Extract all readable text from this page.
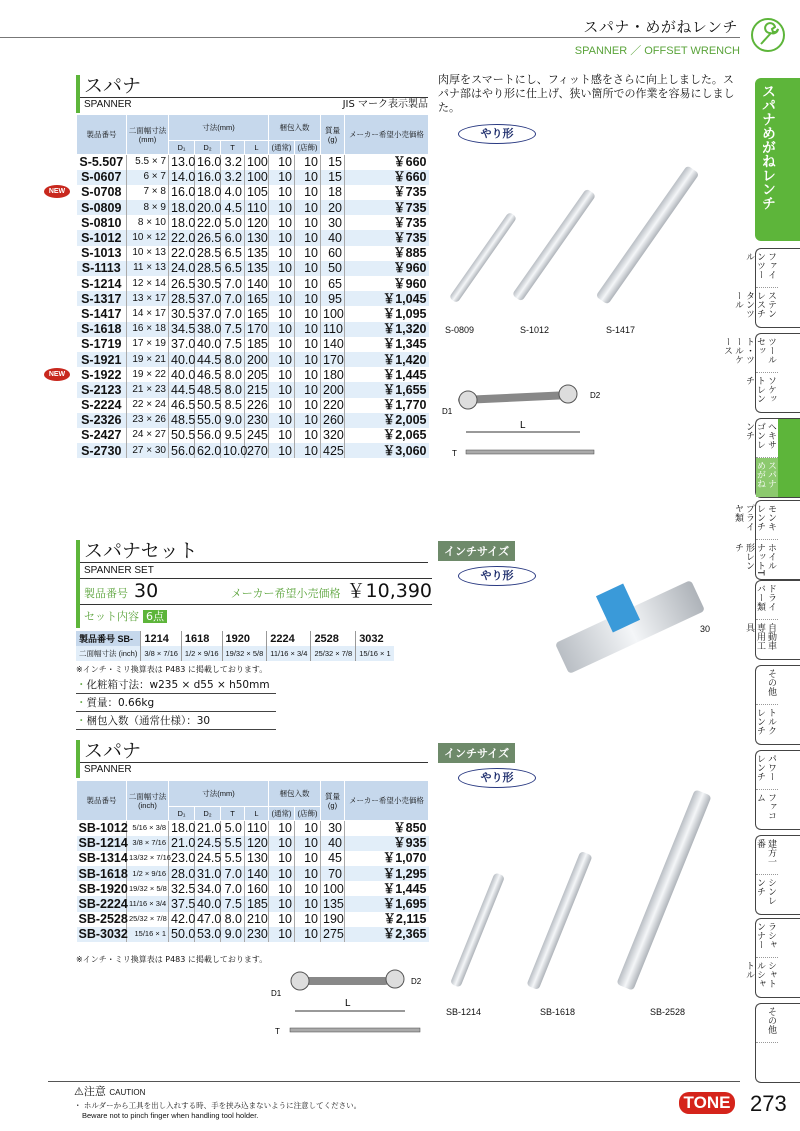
スパナ・めがねレンチ
SPANNER ／ OFFSET WRENCH
スパナめがねレンチ
ファインツール
ステンレスチタンツール
ツールセット・ツールケース
ソケットレンチ
ヘキサゴンレンチ
スパナめがねレンチ
モンキレンチプライヤ類
ホイルナットT形レンチ
ドライバー類
自動車専用工具
その他
トルクレンチ
パワーレンチ
ファコム
建方一番
シンレンチ
ラシャンナー
シャトルシャトル
その他
スパナ
SPANNER	JIS マーク表示製品
製品番号	二面幅寸法(mm)	寸法(mm)				梱包入数		質量(g)	メーカー希望小売価格
		D₁	D₂	T	L	(通常)	(店飾)		
S-5.507	5.5 × 7	13.0	16.0	3.2	100	10	10	15	￥660
S-0607	6 × 7	14.0	16.0	3.2	100	10	10	15	￥660
S-0708	7 × 8	16.0	18.0	4.0	105	10	10	18	￥735
S-0809	8 × 9	18.0	20.0	4.5	110	10	10	20	￥735
S-0810	8 × 10	18.0	22.0	5.0	120	10	10	30	￥735
S-1012	10 × 12	22.0	26.5	6.0	130	10	10	40	￥735
S-1013	10 × 13	22.0	28.5	6.5	135	10	10	60	￥885
S-1113	11 × 13	24.0	28.5	6.5	135	10	10	50	￥960
S-1214	12 × 14	26.5	30.5	7.0	140	10	10	65	￥960
S-1317	13 × 17	28.5	37.0	7.0	165	10	10	95	￥1,045
S-1417	14 × 17	30.5	37.0	7.0	165	10	10	100	￥1,095
S-1618	16 × 18	34.5	38.0	7.5	170	10	10	110	￥1,320
S-1719	17 × 19	37.0	40.0	7.5	185	10	10	140	￥1,345
S-1921	19 × 21	40.0	44.5	8.0	200	10	10	170	￥1,420
S-1922	19 × 22	40.0	46.5	8.0	205	10	10	180	￥1,445
S-2123	21 × 23	44.5	48.5	8.0	215	10	10	200	￥1,655
S-2224	22 × 24	46.5	50.5	8.5	226	10	10	220	￥1,770
S-2326	23 × 26	48.5	55.0	9.0	230	10	10	260	￥2,005
S-2427	24 × 27	50.5	56.0	9.5	245	10	10	320	￥2,065
S-2730	27 × 30	56.0	62.0	10.0	270	10	10	425	￥3,060
肉厚をスマートにし、フィット感をさらに向上しました。スパナ部はやり形に仕上げ、狭い箇所での作業を容易にしました。
やり形
S-0809	S-1012	S-1417
L
D1
D2
T
スパナセット
SPANNER SET
製品番号 30	メーカー希望小売価格 ￥10,390
セット内容 6点
製品番号 SB-	1214	1618	1920	2224	2528	3032
二面幅寸法 (inch)	3/8 × 7/16	1/2 × 9/16	19/32 × 5/8	11/16 × 3/4	25/32 × 7/8	15/16 × 1
※インチ・ミリ換算表は P483 に掲載しております。
・化粧箱寸法：w235 × d55 × h50mm
・質量：0.66kg
・梱包入数（通常仕様）：30
インチサイズ
やり形
30
スパナ
SPANNER
製品番号	二面幅寸法(inch)	寸法(mm)				梱包入数		質量(g)	メーカー希望小売価格
		D₁	D₂	T	L	(通常)	(店飾)		
SB-1012	5/16 × 3/8	18.0	21.0	5.0	110	10	10	30	￥850
SB-1214	3/8 × 7/16	21.0	24.5	5.5	120	10	10	40	￥935
SB-1314	13/32 × 7/16	23.0	24.5	5.5	130	10	10	45	￥1,070
SB-1618	1/2 × 9/16	28.0	31.0	7.0	140	10	10	70	￥1,295
SB-1920	19/32 × 5/8	32.5	34.0	7.0	160	10	10	100	￥1,445
SB-2224	11/16 × 3/4	37.5	40.0	7.5	185	10	10	135	￥1,695
SB-2528	25/32 × 7/8	42.0	47.0	8.0	210	10	10	190	￥2,115
SB-3032	15/16 × 1	50.0	53.0	9.0	230	10	10	275	￥2,365
※インチ・ミリ換算表は P483 に掲載しております。
インチサイズ
やり形
SB-1214	SB-1618	SB-2528
L
D1
D2
T
⚠注意 CAUTION
・ ホルダーから工具を出し入れする時、手を挟み込まないように注意してください。
Beware not to pinch finger when handling tool holder.
TONE 273
NEW
NEW
